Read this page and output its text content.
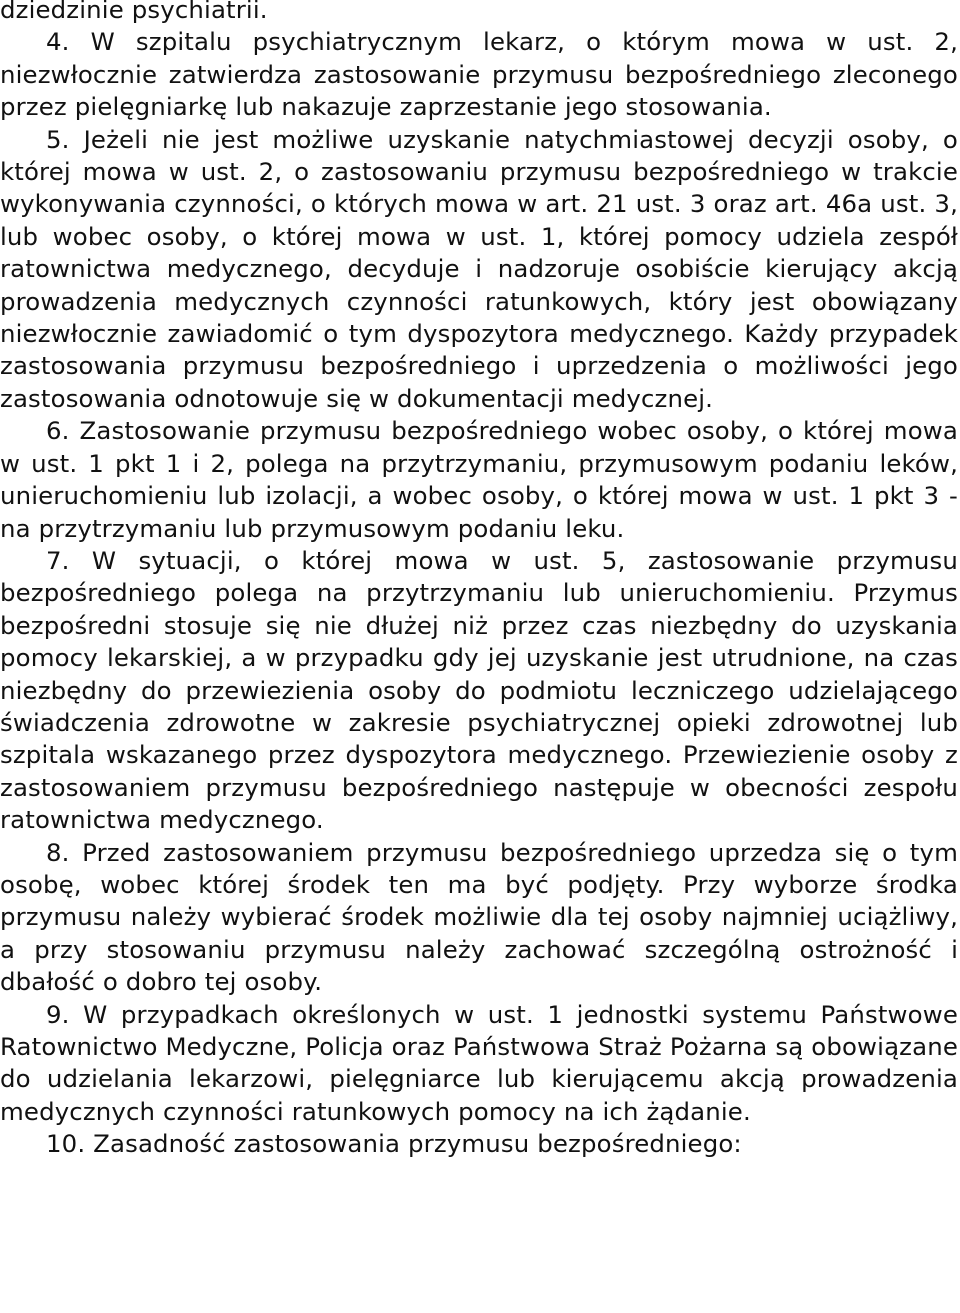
dziedzinie psychiatrii.

4. W szpitalu psychiatrycznym lekarz, o którym mowa w ust. 2, niezwłocznie zatwierdza zastosowanie przymusu bezpośredniego zleconego przez pielęgniarkę lub nakazuje zaprzestanie jego stosowania.

5. Jeżeli nie jest możliwe uzyskanie natychmiastowej decyzji osoby, o której mowa w ust. 2, o zastosowaniu przymusu bezpośredniego w trakcie wykonywania czynności, o których mowa w art. 21 ust. 3 oraz art. 46a ust. 3, lub wobec osoby, o której mowa w ust. 1, której pomocy udziela zespół ratownictwa medycznego, decyduje i nadzoruje osobiście kierujący akcją prowadzenia medycznych czynności ratunkowych, który jest obowiązany niezwłocznie zawiadomić o tym dyspozytora medycznego. Każdy przypadek zastosowania przymusu bezpośredniego i uprzedzenia o możliwości jego zastosowania odnotowuje się w dokumentacji medycznej.

6. Zastosowanie przymusu bezpośredniego wobec osoby, o której mowa w ust. 1 pkt 1 i 2, polega na przytrzymaniu, przymusowym podaniu leków, unieruchomieniu lub izolacji, a wobec osoby, o której mowa w ust. 1 pkt 3 - na przytrzymaniu lub przymusowym podaniu leku.

7. W sytuacji, o której mowa w ust. 5, zastosowanie przymusu bezpośredniego polega na przytrzymaniu lub unieruchomieniu. Przymus bezpośredni stosuje się nie dłużej niż przez czas niezbędny do uzyskania pomocy lekarskiej, a w przypadku gdy jej uzyskanie jest utrudnione, na czas niezbędny do przewiezienia osoby do podmiotu leczniczego udzielającego świadczenia zdrowotne w zakresie psychiatrycznej opieki zdrowotnej lub szpitala wskazanego przez dyspozytora medycznego. Przewiezienie osoby z zastosowaniem przymusu bezpośredniego następuje w obecności zespołu ratownictwa medycznego.

8. Przed zastosowaniem przymusu bezpośredniego uprzedza się o tym osobę, wobec której środek ten ma być podjęty. Przy wyborze środka przymusu należy wybierać środek możliwie dla tej osoby najmniej uciążliwy, a przy stosowaniu przymusu należy zachować szczególną ostrożność i dbałość o dobro tej osoby.

9. W przypadkach określonych w ust. 1 jednostki systemu Państwowe Ratownictwo Medyczne, Policja oraz Państwowa Straż Pożarna są obowiązane do udzielania lekarzowi, pielęgniarce lub kierującemu akcją prowadzenia medycznych czynności ratunkowych pomocy na ich żądanie.

10. Zasadność zastosowania przymusu bezpośredniego:
